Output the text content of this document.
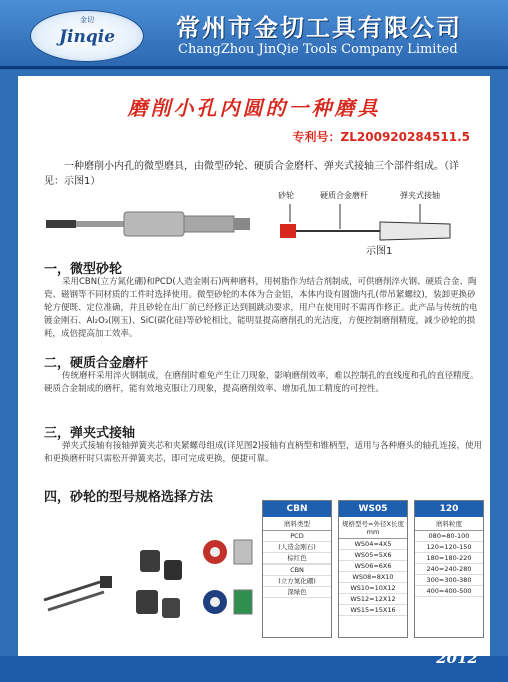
金切
Jinqie	常州市金切工具有限公司
ChangZhou JinQie Tools Company Limited
磨削小孔内圆的一种磨具
专利号：ZL200920284511.5
一种磨削小内孔的微型磨具，由微型砂轮、硬质合金磨杆、弹夹式接轴三个部件组成。（详见：示图1）
砂轮	硬质合金磨杆	弹夹式接轴
示图1
一，微型砂轮
采用CBN(立方氮化硼)和PCD(人造金刚石)两种磨料，用树脂作为结合剂制成，可供磨削淬火钢、硬质合金、陶瓷、磁钢等不同材质的工件时选择使用。微型砂轮的本体为合金铝，本体内设有圆馈内孔(带吊紧螺纹)，装卸更换砂轮方便既、定位准确，并且砂轮在出厂前已经修正达到圆跳动要求，用户在使用时不需再作修正。此产品与传统的电镀金刚石、Al₂O₃(刚玉)、SiC(碳化硅)等砂轮相比，能明显提高磨削孔的光洁度，方便控制磨削精度，减少砂轮的损耗，成倍提高加工效率。
二，硬质合金磨杆
传统磨杆采用淬火钢制成，在磨削时难免产生让刀现象，影响磨削效率，难以控制孔的直线度和孔的直径精度。硬质合金制成的磨杆，能有效地克服让刀现象，提高磨削效率、增加孔加工精度的可控性。
三，弹夹式接轴
弹夹式接轴有接轴弹簧夹芯和夹紧螺母组成(详见图2)接轴有直柄型和锥柄型，适用与各种磨头的轴孔连接，使用和更换磨杆时只需松开弹簧夹芯，即可完成更换，便捷可靠。
四，砂轮的型号规格选择方法
CBN
磨料类型
PCD
(人造金刚石)
棕红色
CBN
(立方氮化硼)
深绿色
WS05
规格型号=外径X长度mm
WS04=4X5
WS05=5X6
WS06=6X6
WS08=8X10
WS10=10X12
WS12=12X12
WS15=15X16
120
磨料粒度
080=80-100
120=120-150
180=180-220
240=240-280
300=300-380
400=400-500
2012
